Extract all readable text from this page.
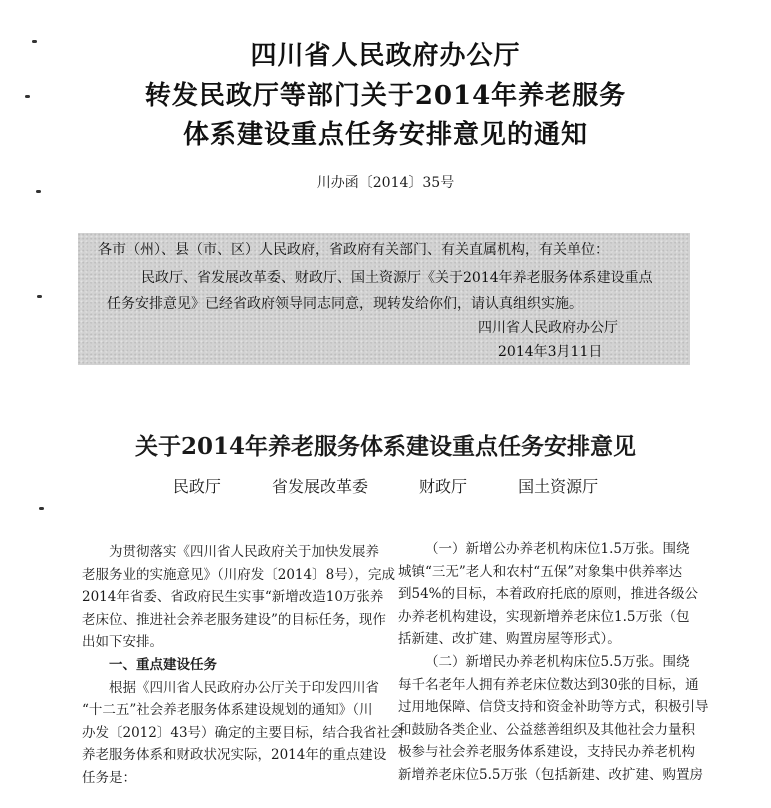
四川省人民政府办公厅
转发民政厅等部门关于2014年养老服务
体系建设重点任务安排意见的通知
川办函〔2014〕35号
各市（州）、县（市、区）人民政府，省政府有关部门、有关直属机构，有关单位：
民政厅、省发展改革委、财政厅、国土资源厅《关于2014年养老服务体系建设重点
任务安排意见》已经省政府领导同志同意，现转发给你们，请认真组织实施。
四川省人民政府办公厅
2014年3月11日
关于2014年养老服务体系建设重点任务安排意见
民政厅	省发展改革委	财政厅	国土资源厅

为贯彻落实《四川省人民政府关于加快发展养

老服务业的实施意见》（川府发〔2014〕8号），完成

2014年省委、省政府民生实事“新增改造10万张养

老床位、推进社会养老服务建设”的目标任务，现作

出如下安排。

一、重点建设任务

根据《四川省人民政府办公厅关于印发四川省

“十二五”社会养老服务体系建设规划的通知》（川

办发〔2012〕43号）确定的主要目标，结合我省社会

养老服务体系和财政状况实际，2014年的重点建设

任务是：

（一）新增公办养老机构床位1.5万张。围绕

城镇“三无”老人和农村“五保”对象集中供养率达

到54%的目标，本着政府托底的原则，推进各级公

办养老机构建设，实现新增养老床位1.5万张（包

括新建、改扩建、购置房屋等形式）。

（二）新增民办养老机构床位5.5万张。围绕

每千名老年人拥有养老床位数达到30张的目标，通

过用地保障、信贷支持和资金补助等方式，积极引导

和鼓励各类企业、公益慈善组织及其他社会力量积

极参与社会养老服务体系建设，支持民办养老机构

新增养老床位5.5万张（包括新建、改扩建、购置房
